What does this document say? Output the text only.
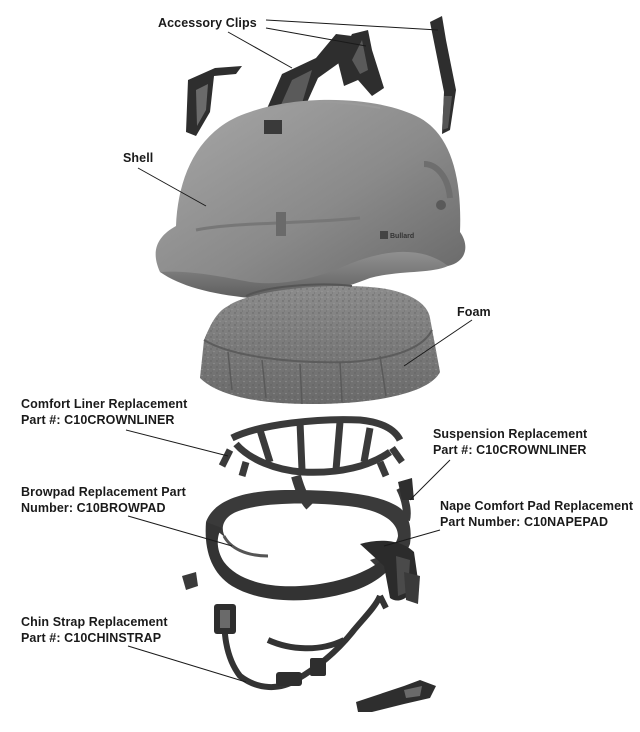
Bullard
Accessory Clips
Shell
Foam
Comfort Liner Replacement
Part #: C10CROWNLINER
Suspension Replacement
Part #: C10CROWNLINER
Browpad Replacement Part
Number: C10BROWPAD	Nape Comfort Pad Replacement
Part Number: C10NAPEPAD
Chin Strap Replacement
Part #: C10CHINSTRAP
